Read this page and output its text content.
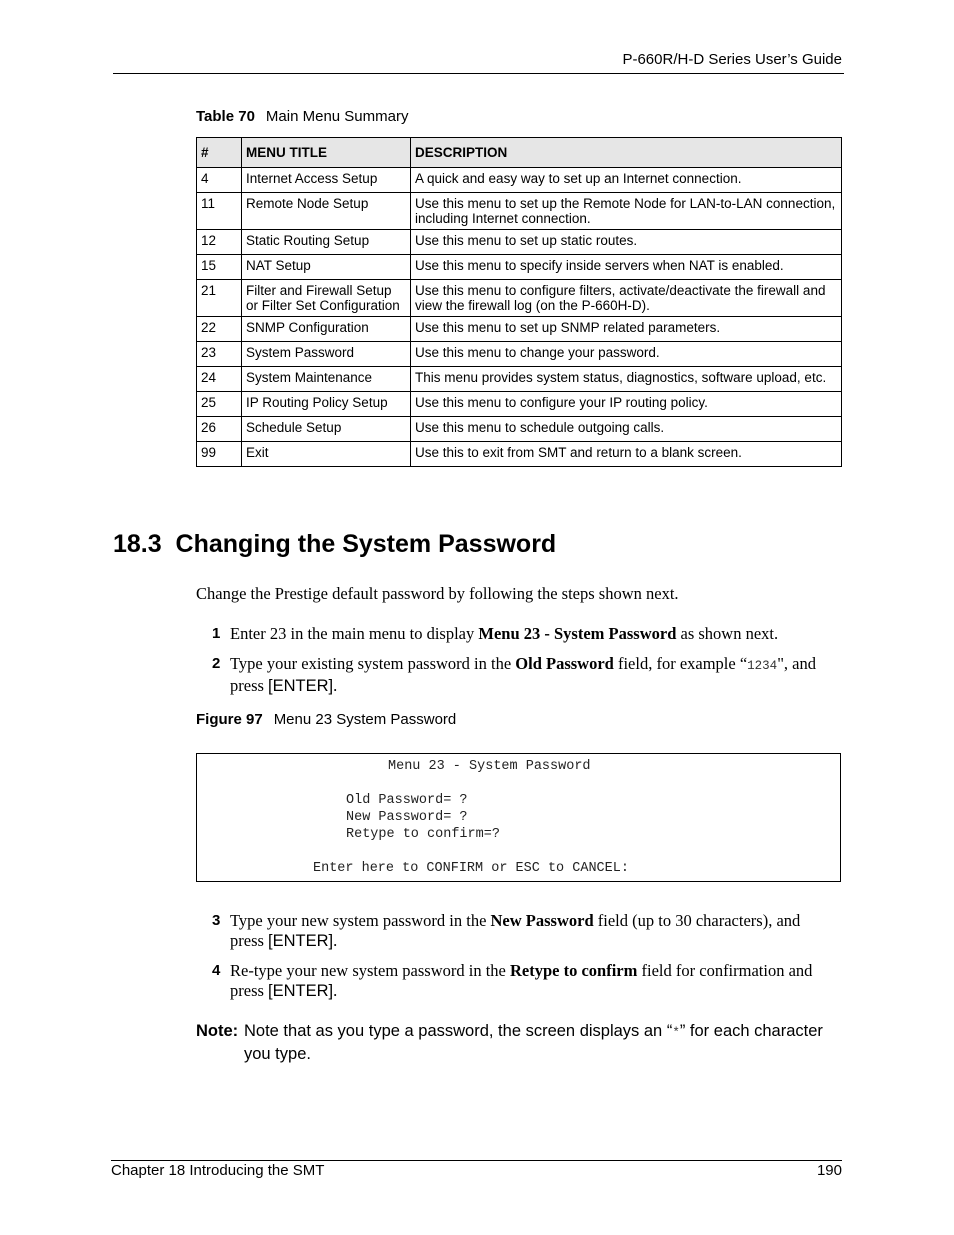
P-660R/H-D Series User’s Guide
Table 70 Main Menu Summary
#	MENU TITLE	DESCRIPTION
4	Internet Access Setup	A quick and easy way to set up an Internet connection.
11	Remote Node Setup	Use this menu to set up the Remote Node for LAN-to-LAN connection, including Internet connection.
12	Static Routing Setup	Use this menu to set up static routes.
15	NAT Setup	Use this menu to specify inside servers when NAT is enabled.
21	Filter and Firewall Setup or Filter Set Configuration	Use this menu to configure filters, activate/deactivate the firewall and view the firewall log (on the P-660H-D).
22	SNMP Configuration	Use this menu to set up SNMP related parameters.
23	System Password	Use this menu to change your password.
24	System Maintenance	This menu provides system status, diagnostics, software upload, etc.
25	IP Routing Policy Setup	Use this menu to configure your IP routing policy.
26	Schedule Setup	Use this menu to schedule outgoing calls.
99	Exit	Use this to exit from SMT and return to a blank screen.
18.3  Changing the System Password
Change the Prestige default password by following the steps shown next.
1 Enter 23 in the main menu to display Menu 23 - System Password as shown next.
2 Type your existing system password in the Old Password field, for example “1234", and
press [ENTER].
Figure 97 Menu 23 System Password
Menu 23 - System Password
Old Password= ?
New Password= ?
Retype to confirm=?
Enter here to CONFIRM or ESC to CANCEL:
3 Type your new system password in the New Password field (up to 30 characters), and
press [ENTER].
4 Re-type your new system password in the Retype to confirm field for confirmation and
press [ENTER].
Note: Note that as you type a password, the screen displays an “*” for each character you type.
Chapter 18 Introducing the SMT	190
